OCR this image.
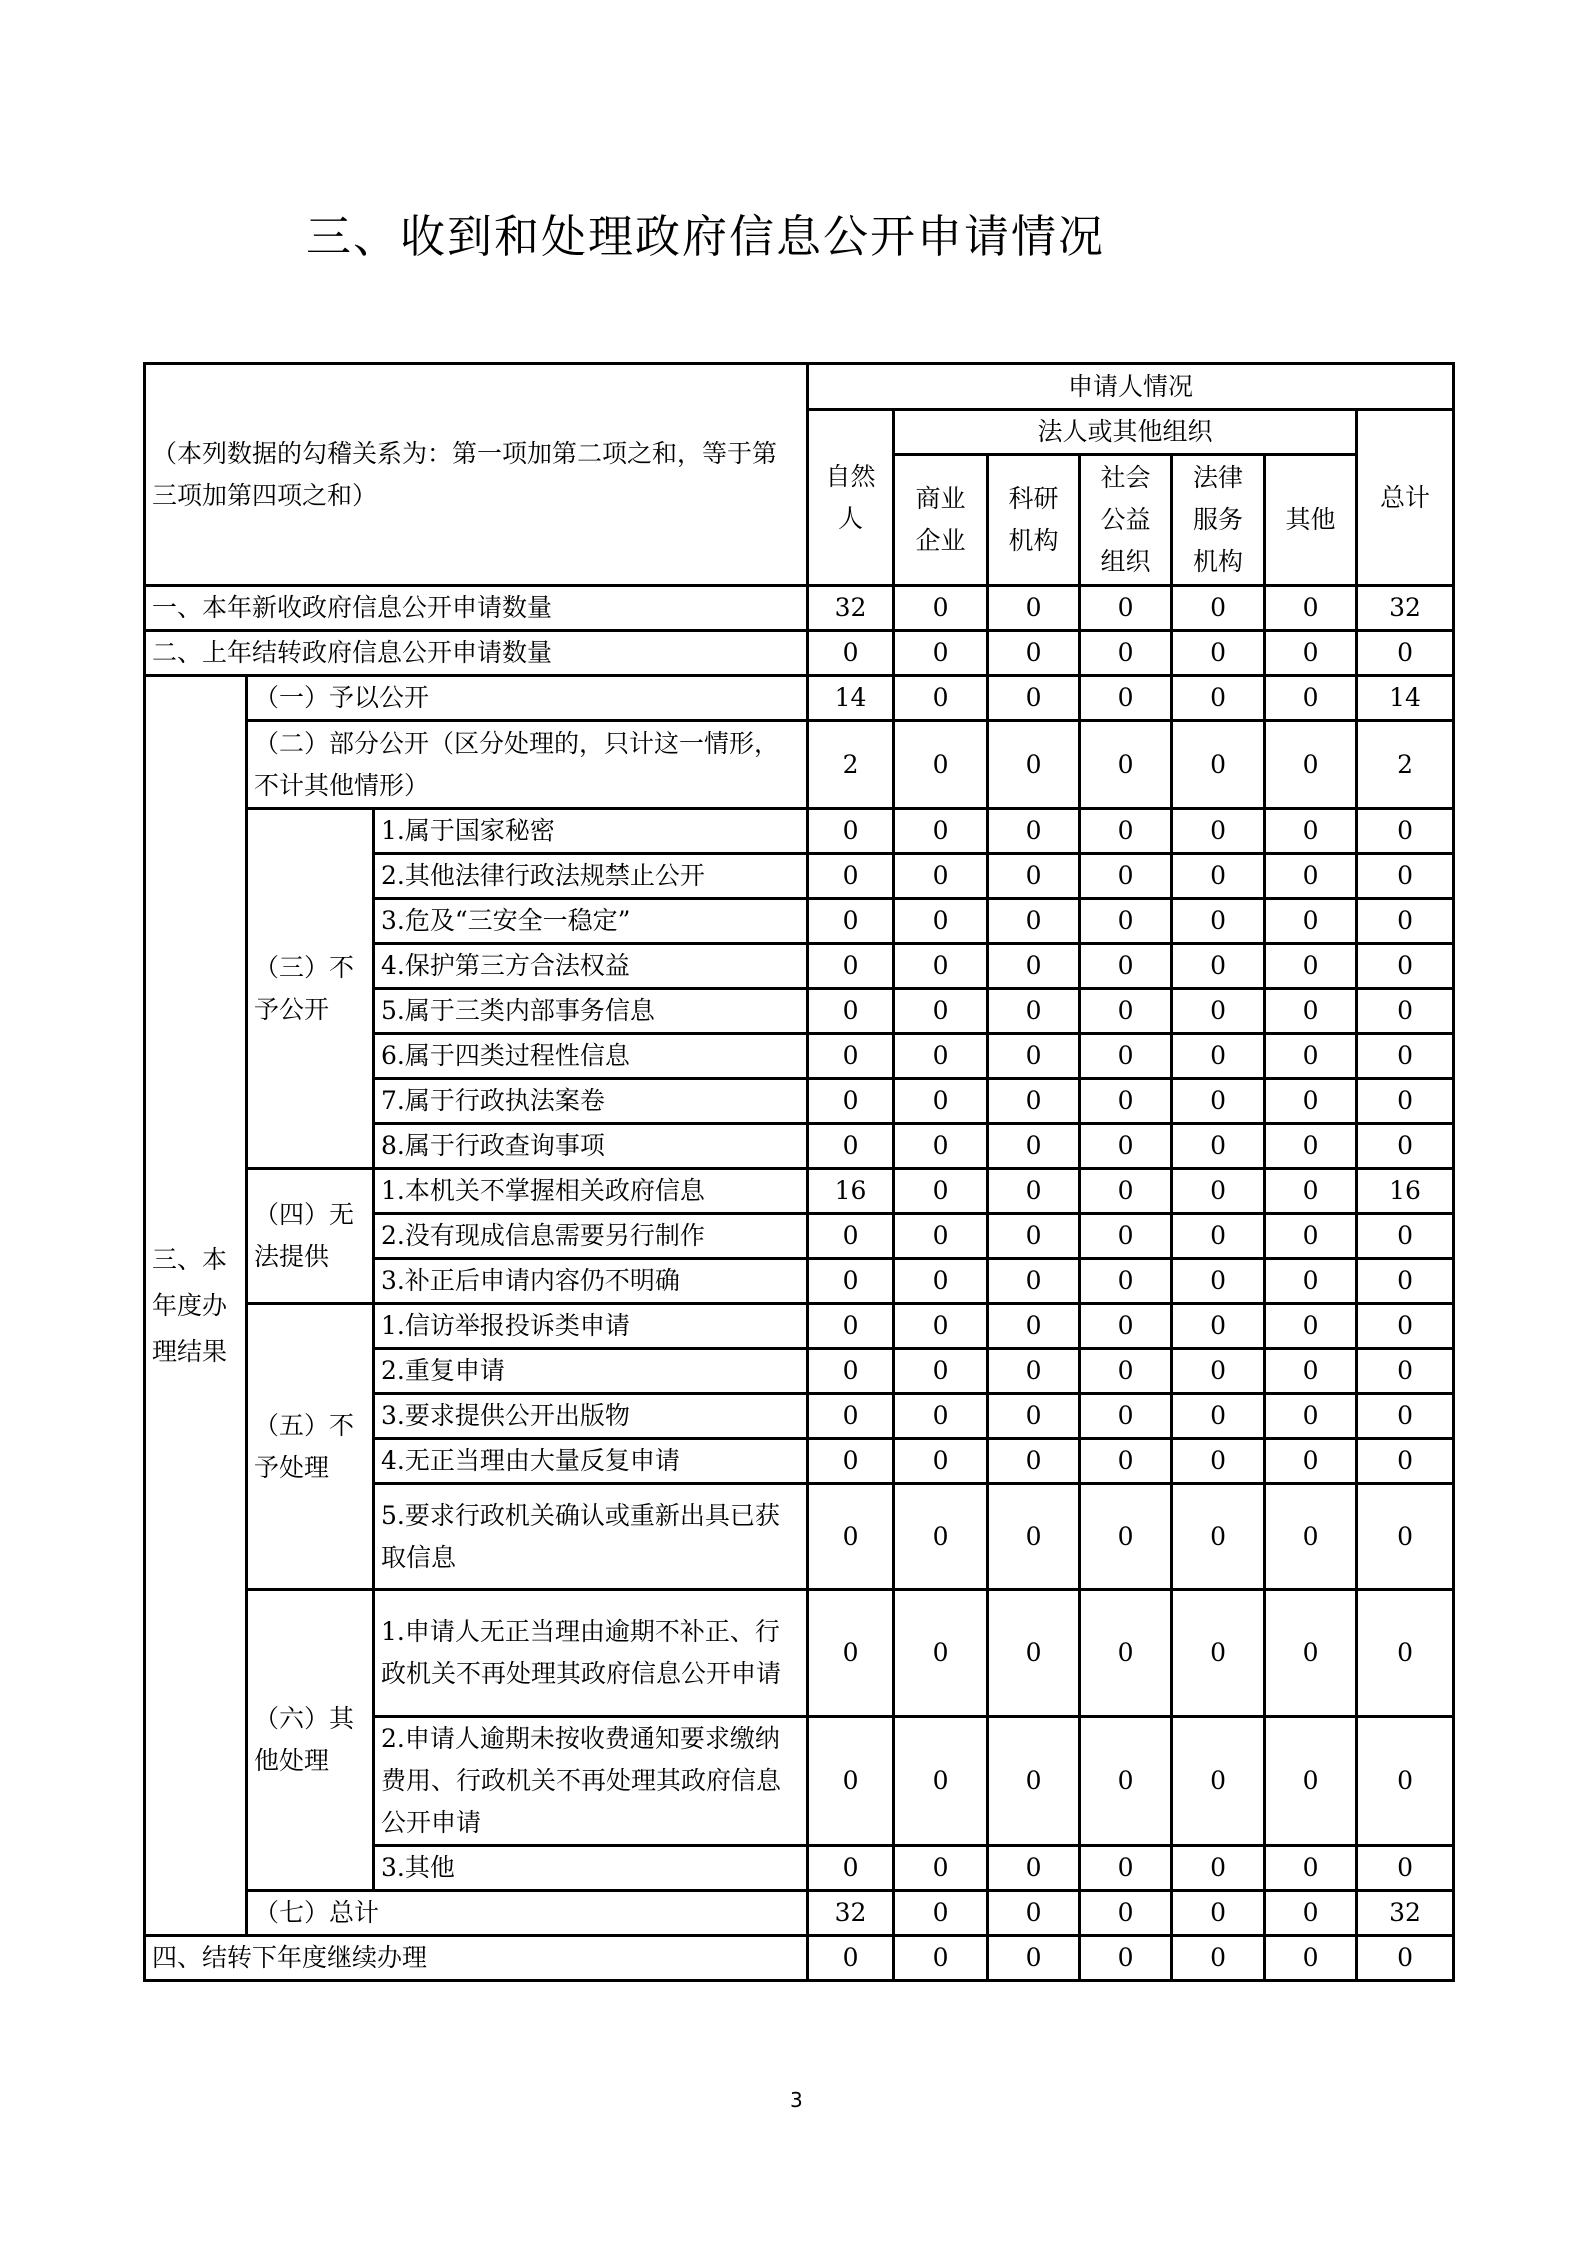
三、收到和处理政府信息公开申请情况
（本列数据的勾稽关系为：第一项加第二项之和，等于第三项加第四项之和）			申请人情况						

			自然人	法人或其他组织					总计

				商业企业	科研机构	社会公益组织	法律服务机构	其他	

一、本年新收政府信息公开申请数量			32	0	0	0	0	0	32
二、上年结转政府信息公开申请数量			0	0	0	0	0	0	0
三、本年度办理结果	（一）予以公开		14	0	0	0	0	0	14
	（二）部分公开（区分处理的，只计这一情形，不计其他情形）		2	0	0	0	0	0	2
	（三）不予公开	1.属于国家秘密	0	0	0	0	0	0	0
		2.其他法律行政法规禁止公开	0	0	0	0	0	0	0
		3.危及“三安全一稳定”	0	0	0	0	0	0	0
		4.保护第三方合法权益	0	0	0	0	0	0	0
		5.属于三类内部事务信息	0	0	0	0	0	0	0
		6.属于四类过程性信息	0	0	0	0	0	0	0
		7.属于行政执法案卷	0	0	0	0	0	0	0
		8.属于行政查询事项	0	0	0	0	0	0	0
	（四）无法提供	1.本机关不掌握相关政府信息	16	0	0	0	0	0	16
		2.没有现成信息需要另行制作	0	0	0	0	0	0	0
		3.补正后申请内容仍不明确	0	0	0	0	0	0	0
	（五）不予处理	1.信访举报投诉类申请	0	0	0	0	0	0	0
		2.重复申请	0	0	0	0	0	0	0
		3.要求提供公开出版物	0	0	0	0	0	0	0
		4.无正当理由大量反复申请	0	0	0	0	0	0	0
		5.要求行政机关确认或重新出具已获取信息	0	0	0	0	0	0	0
	（六）其他处理	1.申请人无正当理由逾期不补正、行政机关不再处理其政府信息公开申请	0	0	0	0	0	0	0
		2.申请人逾期未按收费通知要求缴纳费用、行政机关不再处理其政府信息公开申请	0	0	0	0	0	0	0
		3.其他	0	0	0	0	0	0	0
	（七）总计		32	0	0	0	0	0	32
四、结转下年度继续办理			0	0	0	0	0	0	0
3
